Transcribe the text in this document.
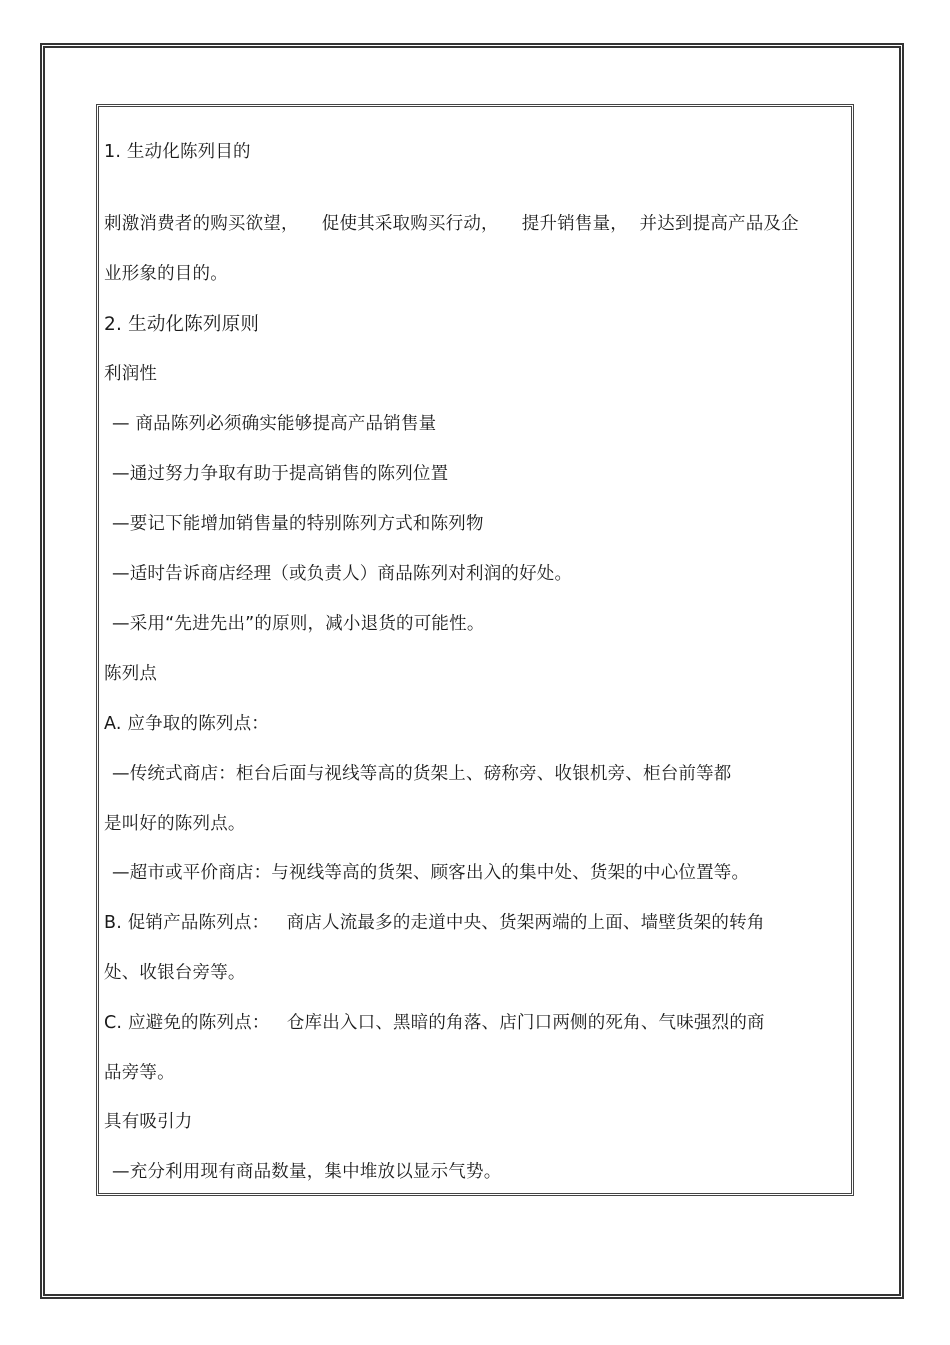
1. 生动化陈列目的
刺激消费者的购买欲望，    促使其采取购买行动，    提升销售量，  并达到提高产品及企
业形象的目的。
2. 生动化陈列原则
利润性
— 商品陈列必须确实能够提高产品销售量
—通过努力争取有助于提高销售的陈列位置
—要记下能增加销售量的特别陈列方式和陈列物
—适时告诉商店经理（或负责人）商品陈列对利润的好处。
—采用“先进先出”的原则，减小退货的可能性。
陈列点
A. 应争取的陈列点：
—传统式商店：柜台后面与视线等高的货架上、磅称旁、收银机旁、柜台前等都
是叫好的陈列点。
—超市或平价商店：与视线等高的货架、顾客出入的集中处、货架的中心位置等。
B. 促销产品陈列点：   商店人流最多的走道中央、货架两端的上面、墙壁货架的转角
处、收银台旁等。
C. 应避免的陈列点：   仓库出入口、黑暗的角落、店门口两侧的死角、气味强烈的商
品旁等。
具有吸引力
—充分利用现有商品数量，集中堆放以显示气势。
